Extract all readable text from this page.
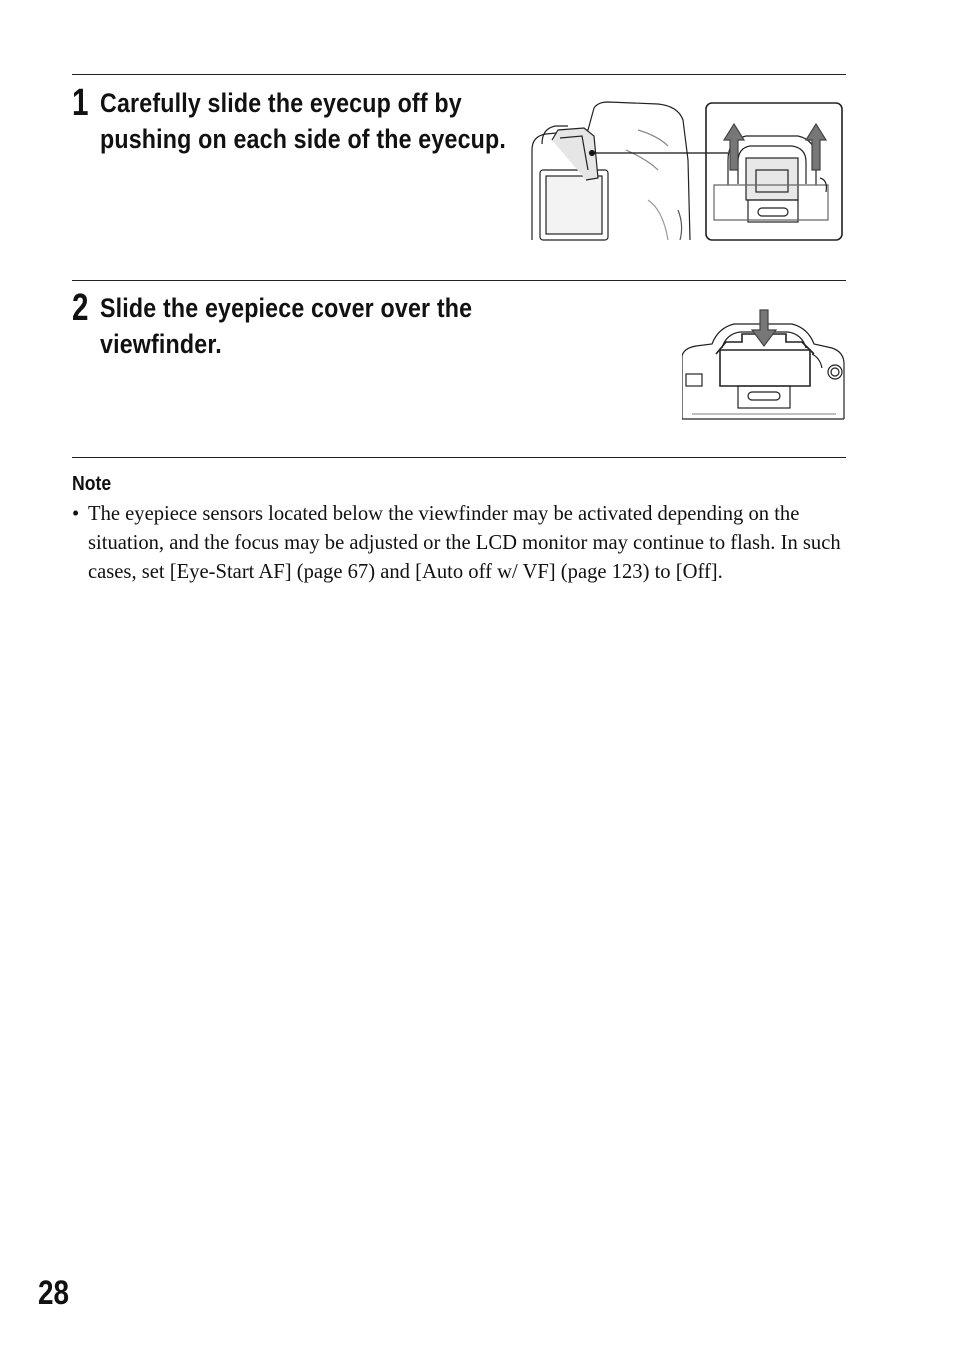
1 Carefully slide the eyecup off by pushing on each side of the eyecup.
2 Slide the eyepiece cover over the viewfinder.
Note
• The eyepiece sensors located below the viewfinder may be activated depending on the situation, and the focus may be adjusted or the LCD monitor may continue to flash. In such cases, set [Eye-Start AF] (page 67) and [Auto off w/ VF] (page 123) to [Off].
28
